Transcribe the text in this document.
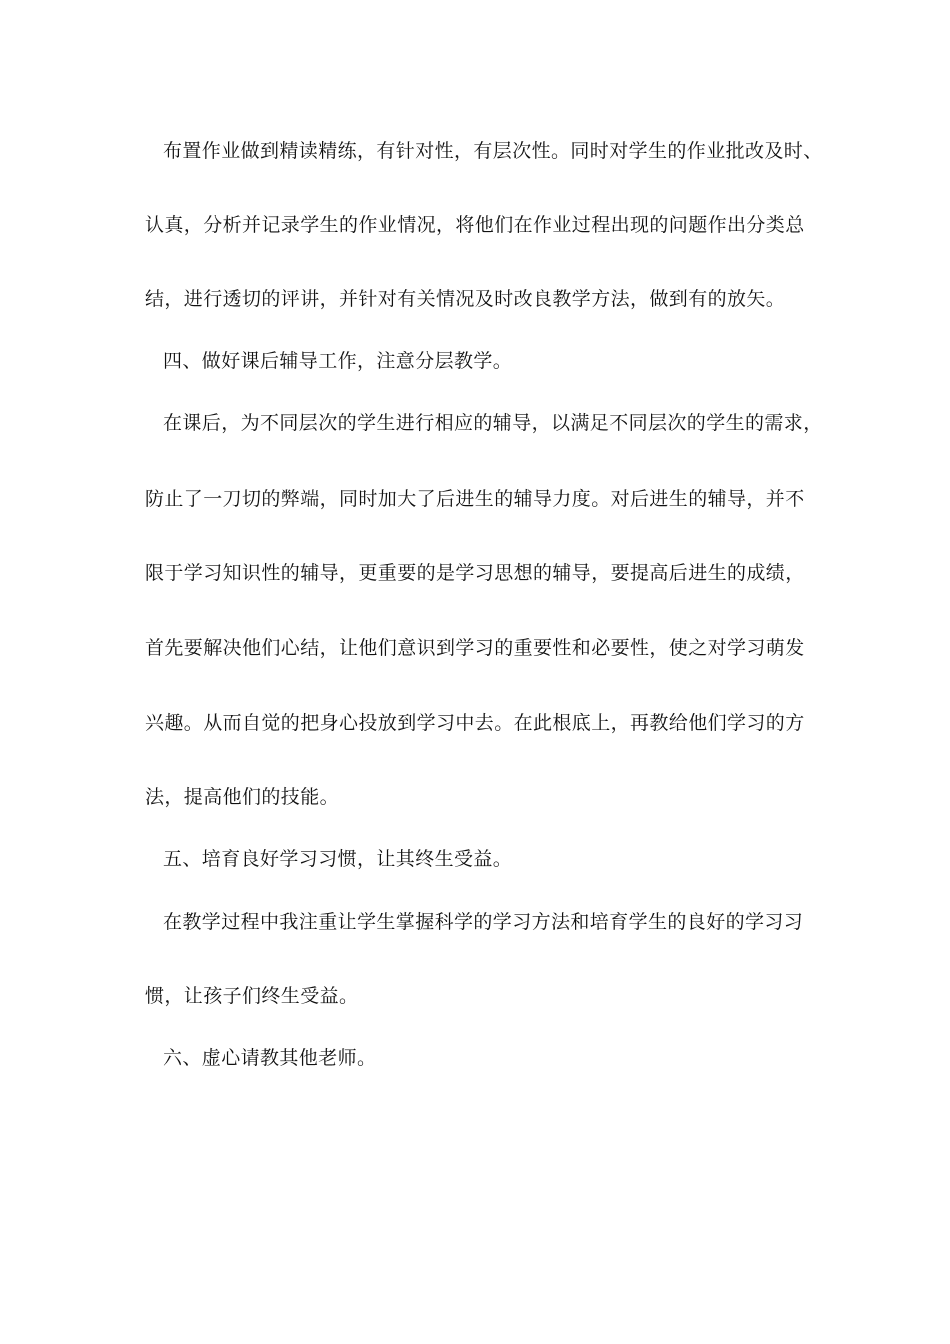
布置作业做到精读精练，有针对性，有层次性。同时对学生的作业批改及时、
认真，分析并记录学生的作业情况，将他们在作业过程出现的问题作出分类总
结，进行透切的评讲，并针对有关情况及时改良教学方法，做到有的放矢。
四、做好课后辅导工作，注意分层教学。
在课后，为不同层次的学生进行相应的辅导，以满足不同层次的学生的需求，
防止了一刀切的弊端，同时加大了后进生的辅导力度。对后进生的辅导，并不
限于学习知识性的辅导，更重要的是学习思想的辅导，要提高后进生的成绩，
首先要解决他们心结，让他们意识到学习的重要性和必要性，使之对学习萌发
兴趣。从而自觉的把身心投放到学习中去。在此根底上，再教给他们学习的方
法，提高他们的技能。
五、培育良好学习习惯，让其终生受益。
在教学过程中我注重让学生掌握科学的学习方法和培育学生的良好的学习习
惯，让孩子们终生受益。
六、虚心请教其他老师。
